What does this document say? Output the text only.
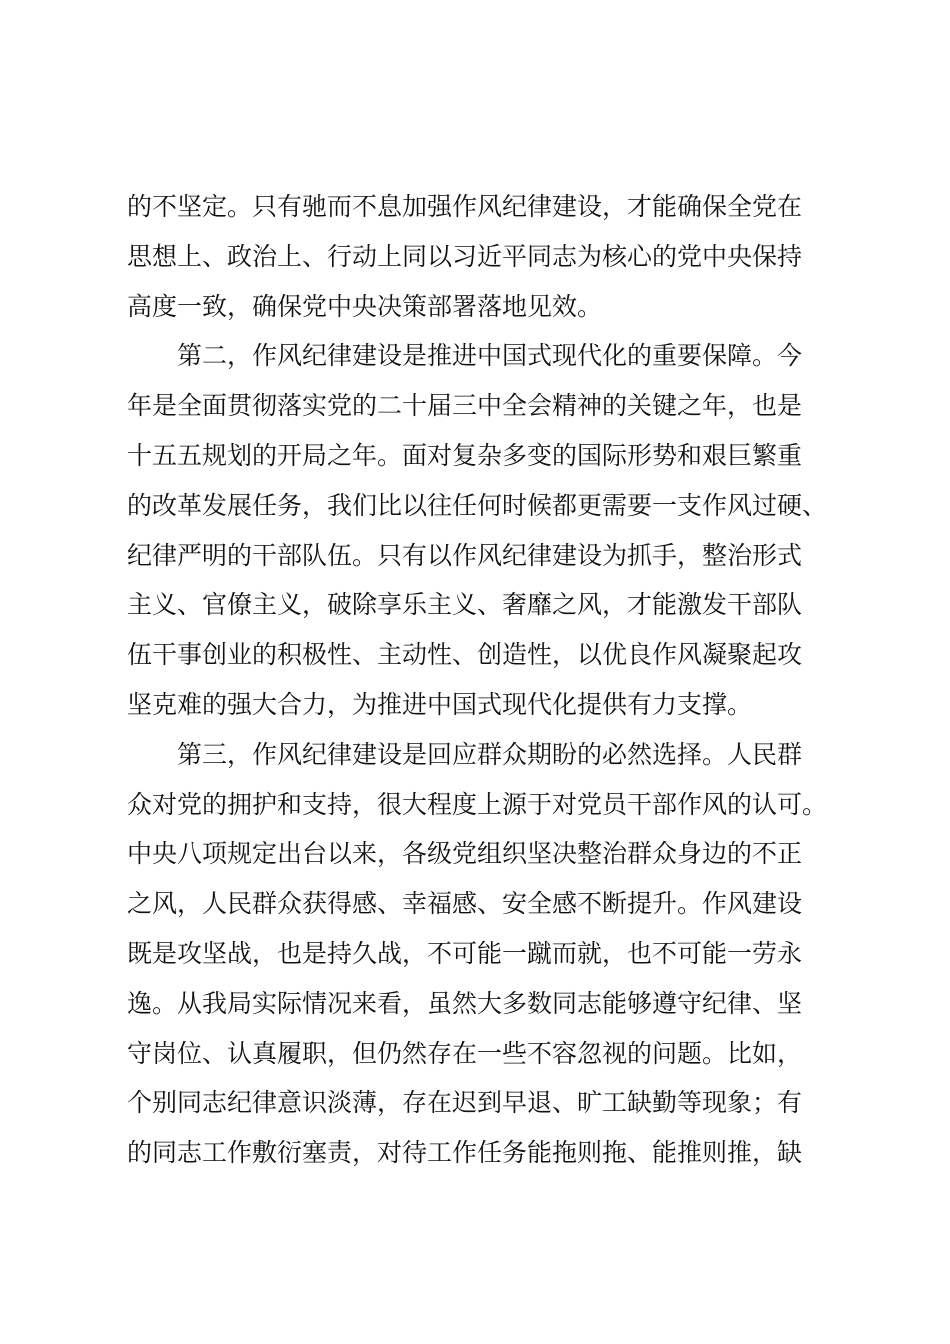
的不坚定。只有驰而不息加强作风纪律建设，才能确保全党在
思想上、政治上、行动上同以习近平同志为核心的党中央保持
高度一致，确保党中央决策部署落地见效。
第二，作风纪律建设是推进中国式现代化的重要保障。今
年是全面贯彻落实党的二十届三中全会精神的关键之年，也是
十五五规划的开局之年。面对复杂多变的国际形势和艰巨繁重
的改革发展任务，我们比以往任何时候都更需要一支作风过硬、
纪律严明的干部队伍。只有以作风纪律建设为抓手，整治形式
主义、官僚主义，破除享乐主义、奢靡之风，才能激发干部队
伍干事创业的积极性、主动性、创造性，以优良作风凝聚起攻
坚克难的强大合力，为推进中国式现代化提供有力支撑。
第三，作风纪律建设是回应群众期盼的必然选择。人民群
众对党的拥护和支持，很大程度上源于对党员干部作风的认可。
中央八项规定出台以来，各级党组织坚决整治群众身边的不正
之风，人民群众获得感、幸福感、安全感不断提升。作风建设
既是攻坚战，也是持久战，不可能一蹴而就，也不可能一劳永
逸。从我局实际情况来看，虽然大多数同志能够遵守纪律、坚
守岗位、认真履职，但仍然存在一些不容忽视的问题。比如，
个别同志纪律意识淡薄，存在迟到早退、旷工缺勤等现象；有
的同志工作敷衍塞责，对待工作任务能拖则拖、能推则推，缺
